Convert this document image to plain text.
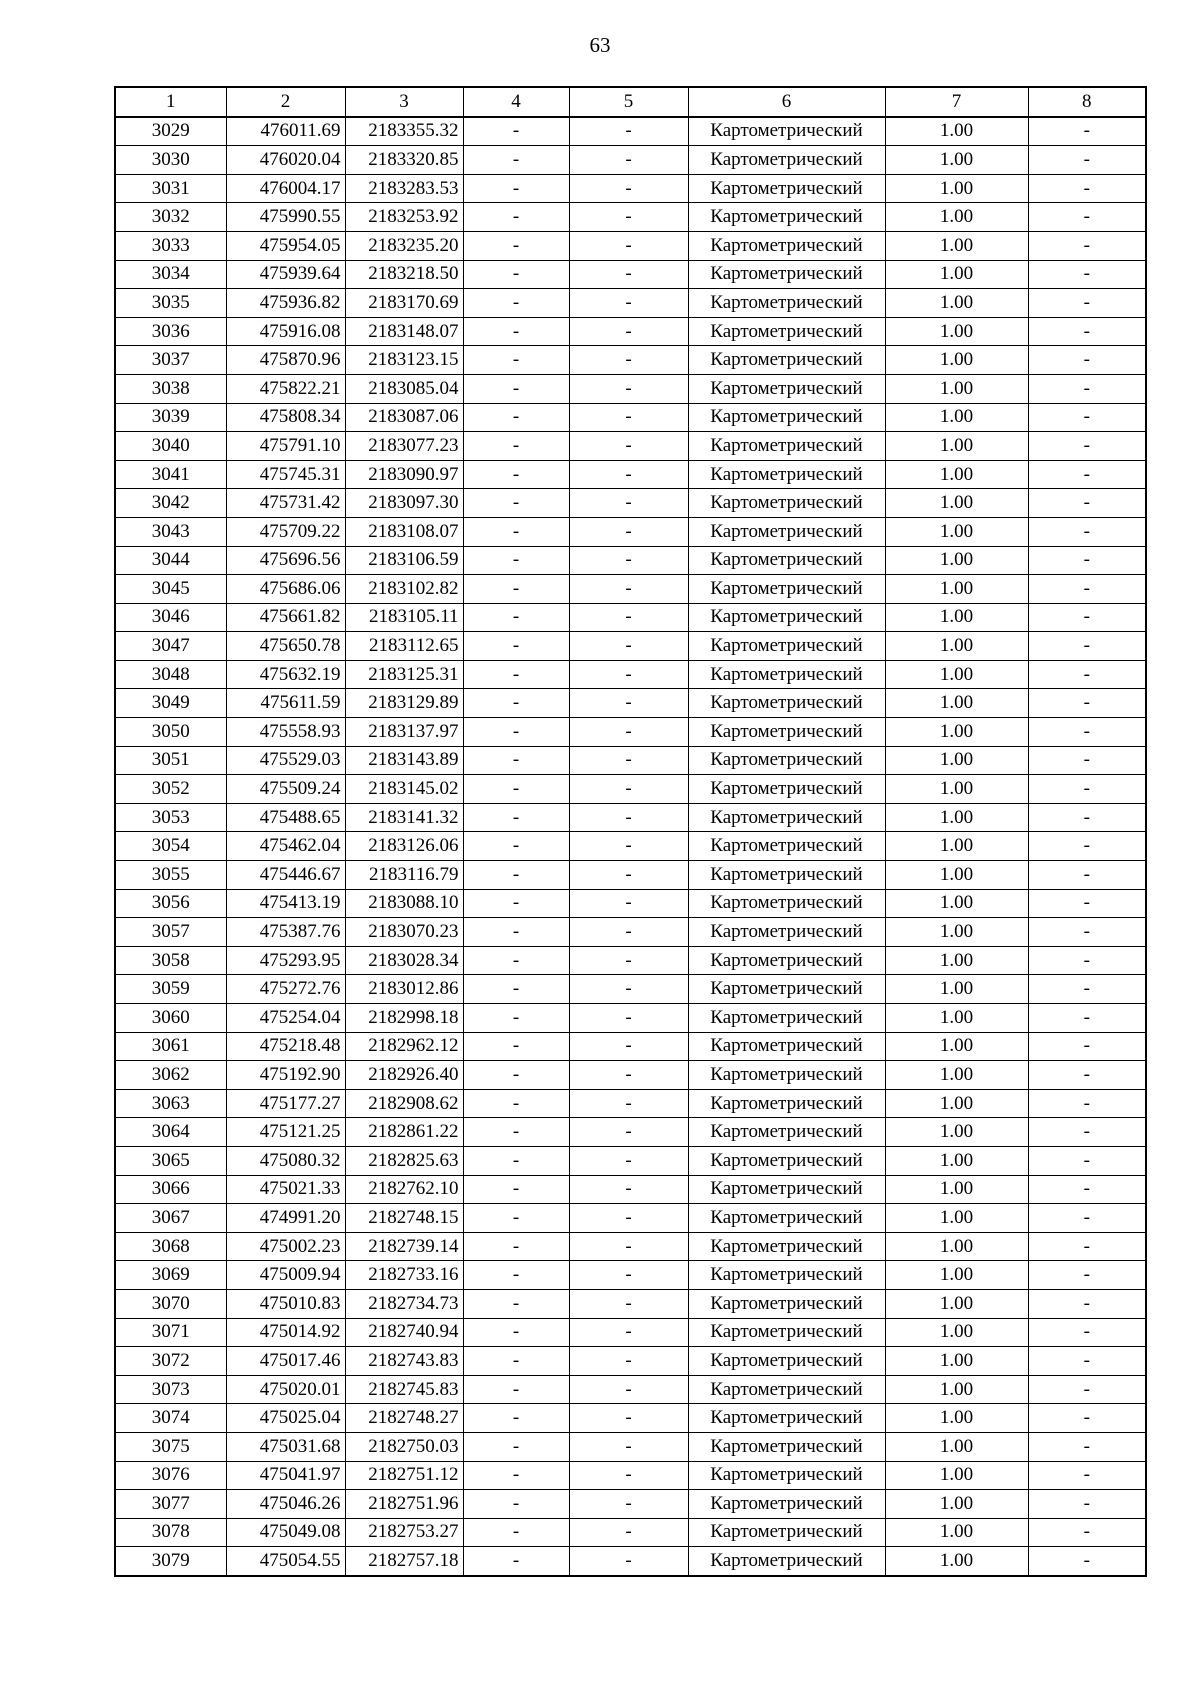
63
1	2	3	4	5	6	7	8
3029	476011.69	2183355.32	-	-	Картометрический	1.00	-
3030	476020.04	2183320.85	-	-	Картометрический	1.00	-
3031	476004.17	2183283.53	-	-	Картометрический	1.00	-
3032	475990.55	2183253.92	-	-	Картометрический	1.00	-
3033	475954.05	2183235.20	-	-	Картометрический	1.00	-
3034	475939.64	2183218.50	-	-	Картометрический	1.00	-
3035	475936.82	2183170.69	-	-	Картометрический	1.00	-
3036	475916.08	2183148.07	-	-	Картометрический	1.00	-
3037	475870.96	2183123.15	-	-	Картометрический	1.00	-
3038	475822.21	2183085.04	-	-	Картометрический	1.00	-
3039	475808.34	2183087.06	-	-	Картометрический	1.00	-
3040	475791.10	2183077.23	-	-	Картометрический	1.00	-
3041	475745.31	2183090.97	-	-	Картометрический	1.00	-
3042	475731.42	2183097.30	-	-	Картометрический	1.00	-
3043	475709.22	2183108.07	-	-	Картометрический	1.00	-
3044	475696.56	2183106.59	-	-	Картометрический	1.00	-
3045	475686.06	2183102.82	-	-	Картометрический	1.00	-
3046	475661.82	2183105.11	-	-	Картометрический	1.00	-
3047	475650.78	2183112.65	-	-	Картометрический	1.00	-
3048	475632.19	2183125.31	-	-	Картометрический	1.00	-
3049	475611.59	2183129.89	-	-	Картометрический	1.00	-
3050	475558.93	2183137.97	-	-	Картометрический	1.00	-
3051	475529.03	2183143.89	-	-	Картометрический	1.00	-
3052	475509.24	2183145.02	-	-	Картометрический	1.00	-
3053	475488.65	2183141.32	-	-	Картометрический	1.00	-
3054	475462.04	2183126.06	-	-	Картометрический	1.00	-
3055	475446.67	2183116.79	-	-	Картометрический	1.00	-
3056	475413.19	2183088.10	-	-	Картометрический	1.00	-
3057	475387.76	2183070.23	-	-	Картометрический	1.00	-
3058	475293.95	2183028.34	-	-	Картометрический	1.00	-
3059	475272.76	2183012.86	-	-	Картометрический	1.00	-
3060	475254.04	2182998.18	-	-	Картометрический	1.00	-
3061	475218.48	2182962.12	-	-	Картометрический	1.00	-
3062	475192.90	2182926.40	-	-	Картометрический	1.00	-
3063	475177.27	2182908.62	-	-	Картометрический	1.00	-
3064	475121.25	2182861.22	-	-	Картометрический	1.00	-
3065	475080.32	2182825.63	-	-	Картометрический	1.00	-
3066	475021.33	2182762.10	-	-	Картометрический	1.00	-
3067	474991.20	2182748.15	-	-	Картометрический	1.00	-
3068	475002.23	2182739.14	-	-	Картометрический	1.00	-
3069	475009.94	2182733.16	-	-	Картометрический	1.00	-
3070	475010.83	2182734.73	-	-	Картометрический	1.00	-
3071	475014.92	2182740.94	-	-	Картометрический	1.00	-
3072	475017.46	2182743.83	-	-	Картометрический	1.00	-
3073	475020.01	2182745.83	-	-	Картометрический	1.00	-
3074	475025.04	2182748.27	-	-	Картометрический	1.00	-
3075	475031.68	2182750.03	-	-	Картометрический	1.00	-
3076	475041.97	2182751.12	-	-	Картометрический	1.00	-
3077	475046.26	2182751.96	-	-	Картометрический	1.00	-
3078	475049.08	2182753.27	-	-	Картометрический	1.00	-
3079	475054.55	2182757.18	-	-	Картометрический	1.00	-
